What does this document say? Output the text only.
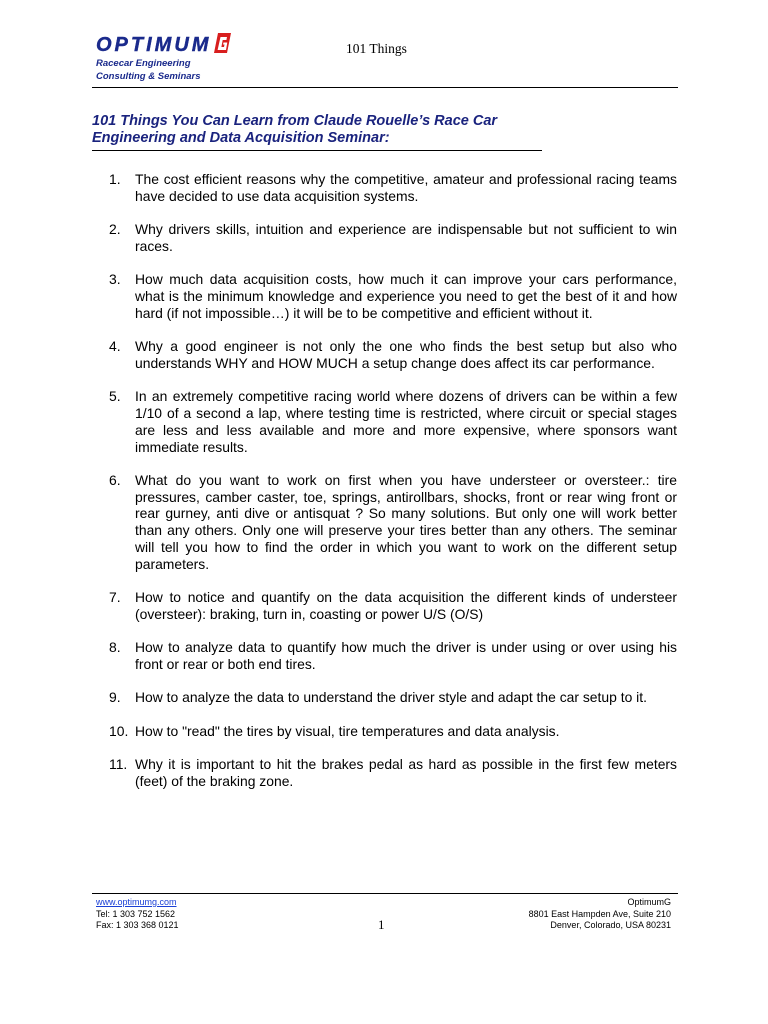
OPTIMUM
Racecar Engineering
Consulting & Seminars
101 Things
101 Things You Can Learn from Claude Rouelle’s Race Car
Engineering and Data Acquisition Seminar:
1. The cost efficient reasons why the competitive, amateur and professional racing teams have decided to use data acquisition systems.
2. Why drivers skills, intuition and experience are indispensable but not sufficient to win races.
3. How much data acquisition costs, how much it can improve your cars performance, what is the minimum knowledge and experience you need to get the best of it and how hard (if not impossible…) it will be to be competitive and efficient without it.
4. Why a good engineer is not only the one who finds the best setup but also who understands WHY and HOW MUCH a setup change does affect its car performance.
5. In an extremely competitive racing world where dozens of drivers can be within a few 1/10 of a second a lap, where testing time is restricted, where circuit or special stages are less and less available and more and more expensive, where sponsors want immediate results.
6. What do you want to work on first when you have understeer or oversteer.: tire pressures, camber caster, toe, springs, antirollbars, shocks, front or rear wing front or rear gurney, anti dive or antisquat ? So many solutions. But only one will work better than any others. Only one will preserve your tires better than any others. The seminar will tell you how to find the order in which you want to work on the different setup parameters.
7. How to notice and quantify on the data acquisition the different kinds of understeer (oversteer): braking, turn in, coasting or power U/S (O/S)
8. How to analyze data to quantify how much the driver is under using or over using his front or rear or both end tires.
9. How to analyze the data to understand the driver style and adapt the car setup to it.
10. How to "read" the tires by visual, tire temperatures and data analysis.
11. Why it is important to hit the brakes pedal as hard as possible in the first few meters (feet) of the braking zone.
www.optimumg.com
Tel: 1 303 752 1562
Fax: 1 303 368 0121	1
OptimumG
8801 East Hampden Ave, Suite 210
Denver, Colorado, USA 80231
